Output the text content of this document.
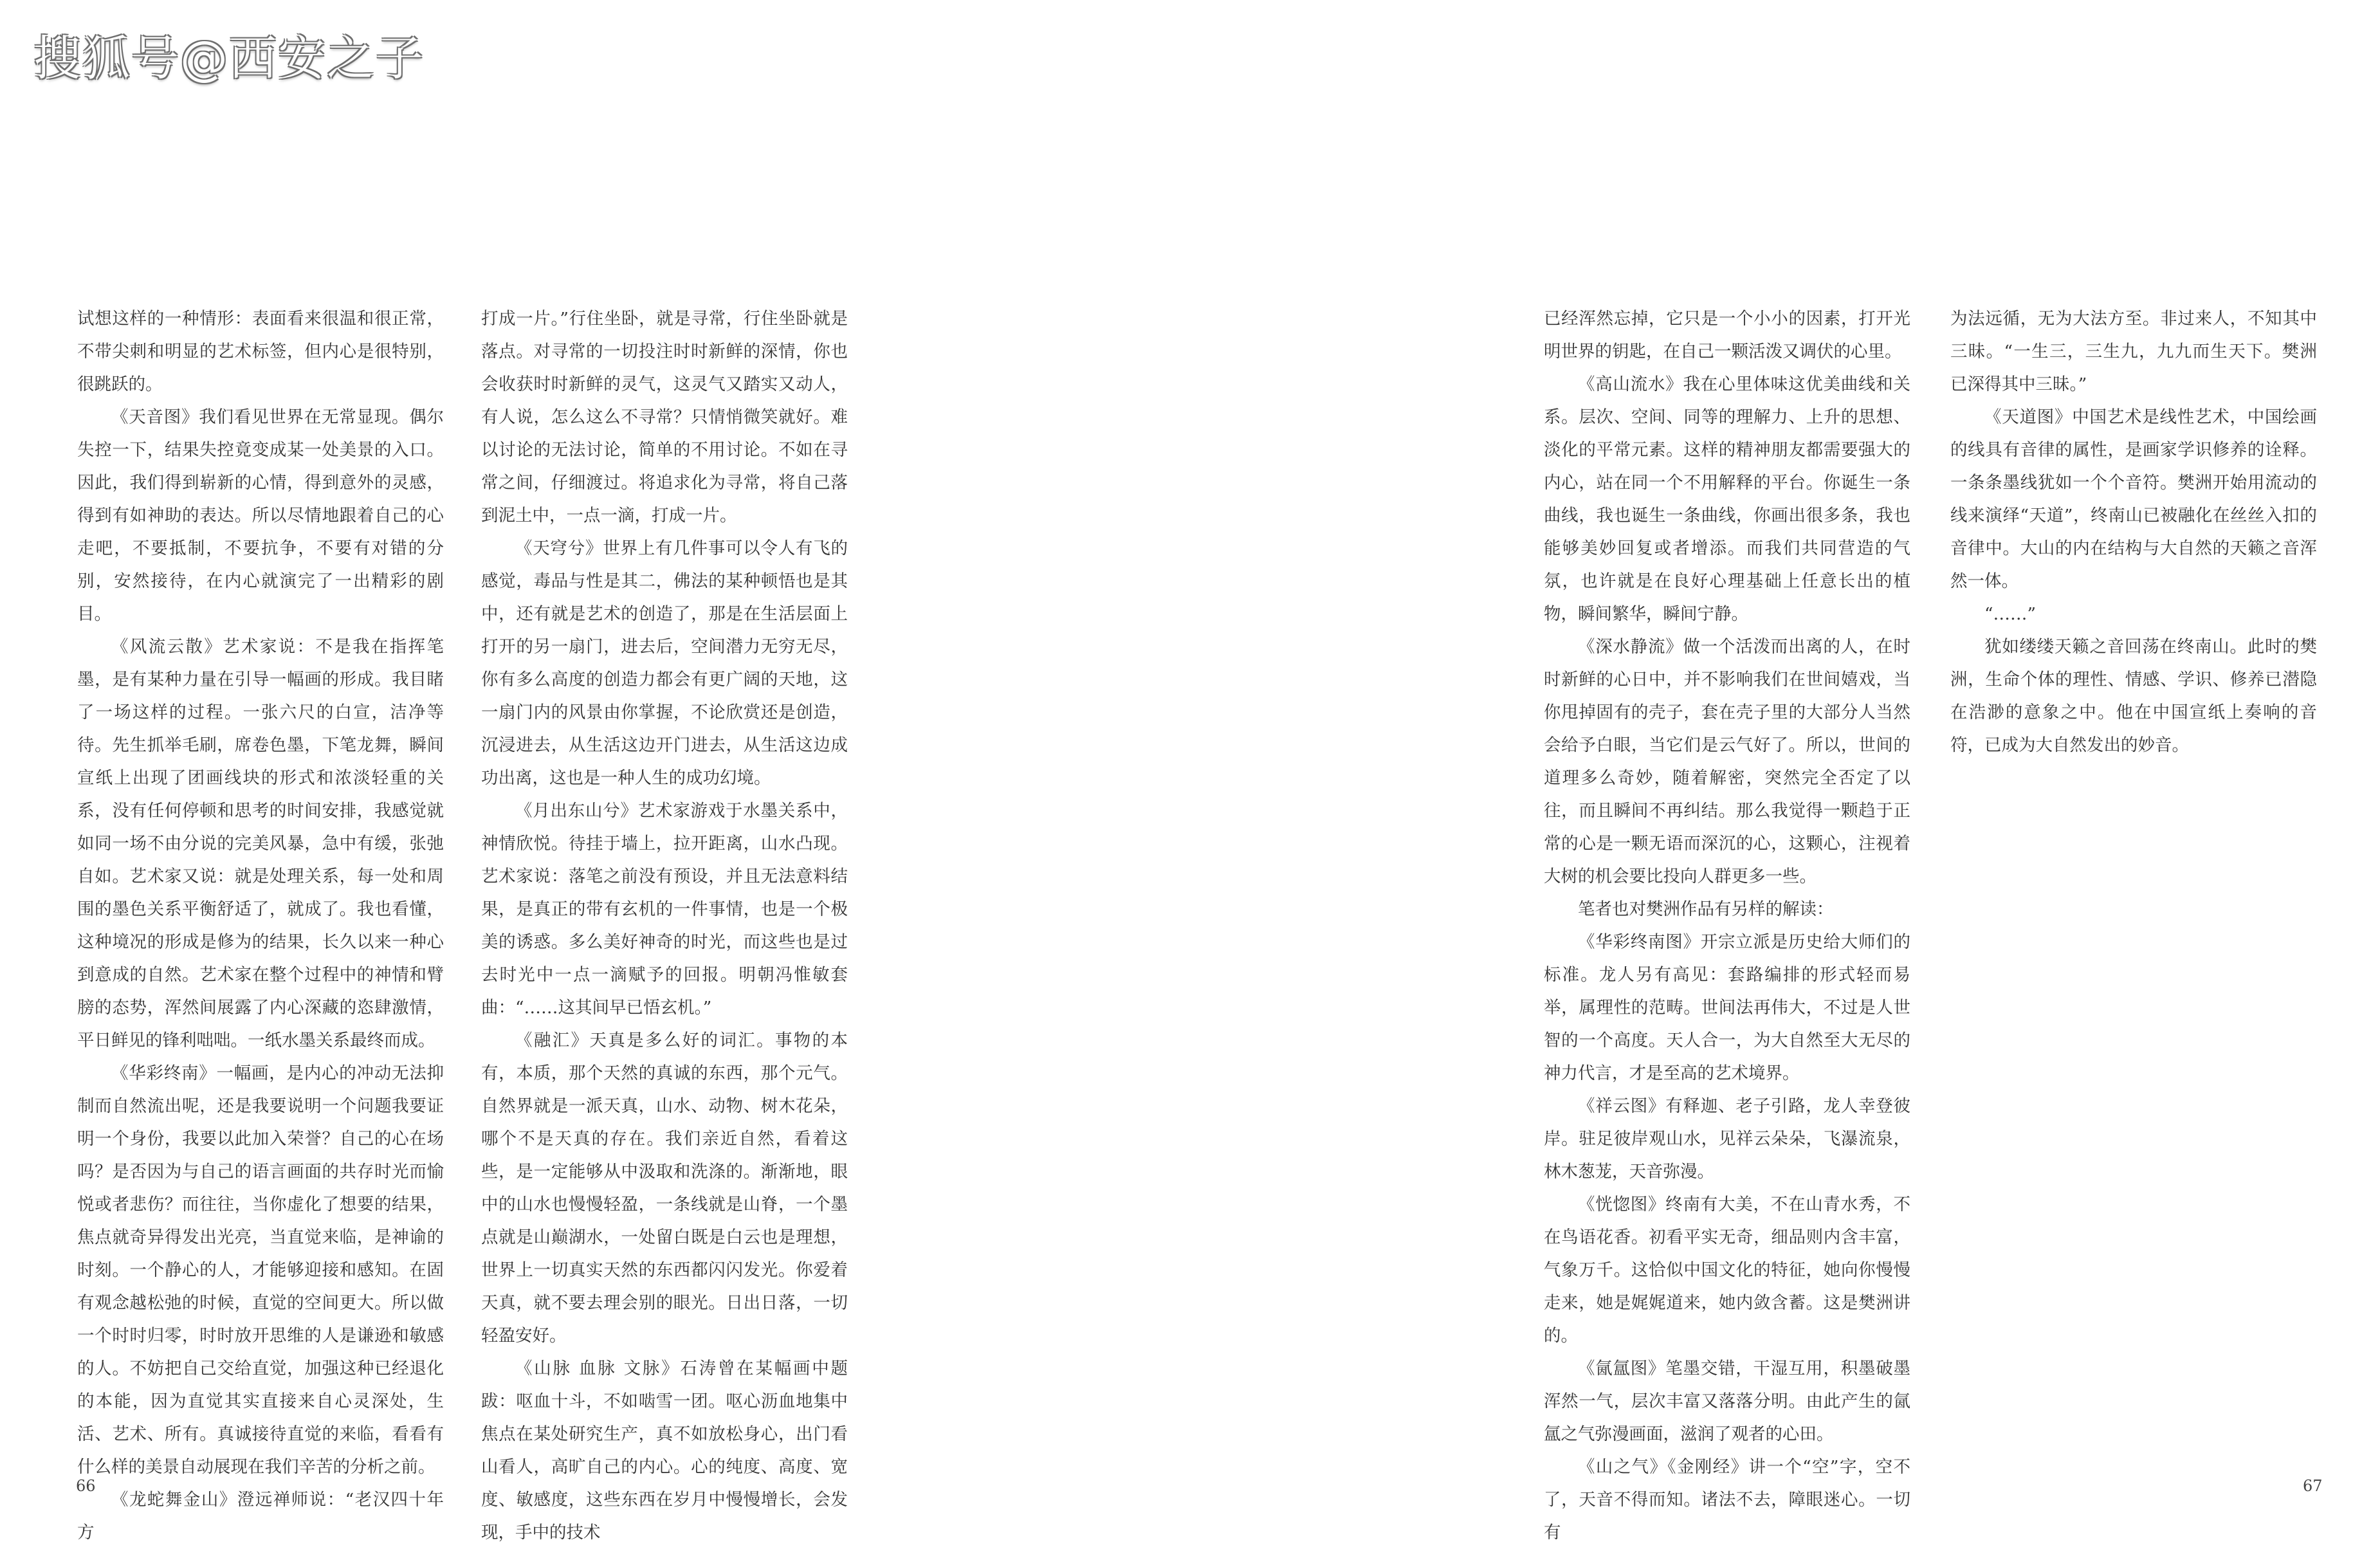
搜狐号@西安之子

试想这样的一种情形：表面看来很温和很正常，不带尖刺和明显的艺术标签，但内心是很特别，很跳跃的。

《天音图》我们看见世界在无常显现。偶尔失控一下，结果失控竟变成某一处美景的入口。因此，我们得到崭新的心情，得到意外的灵感，得到有如神助的表达。所以尽情地跟着自己的心走吧，不要抵制，不要抗争，不要有对错的分别，安然接待，在内心就演完了一出精彩的剧目。

《风流云散》艺术家说：不是我在指挥笔墨，是有某种力量在引导一幅画的形成。我目睹了一场这样的过程。一张六尺的白宣，洁净等待。先生抓举毛刷，席卷色墨，下笔龙舞，瞬间宣纸上出现了团画线块的形式和浓淡轻重的关系，没有任何停顿和思考的时间安排，我感觉就如同一场不由分说的完美风暴，急中有缓，张弛自如。艺术家又说：就是处理关系，每一处和周围的墨色关系平衡舒适了，就成了。我也看懂，这种境况的形成是修为的结果，长久以来一种心到意成的自然。艺术家在整个过程中的神情和臂膀的态势，浑然间展露了内心深藏的恣肆激情，平日鲜见的锋利咄咄。一纸水墨关系最终而成。

《华彩终南》一幅画，是内心的冲动无法抑制而自然流出呢，还是我要说明一个问题我要证明一个身份，我要以此加入荣誉？自己的心在场吗？是否因为与自己的语言画面的共存时光而愉悦或者悲伤？而往往，当你虚化了想要的结果，焦点就奇异得发出光亮，当直觉来临，是神谕的时刻。一个静心的人，才能够迎接和感知。在固有观念越松弛的时候，直觉的空间更大。所以做一个时时归零，时时放开思维的人是谦逊和敏感的人。不妨把自己交给直觉，加强这种已经退化的本能，因为直觉其实直接来自心灵深处，生活、艺术、所有。真诚接待直觉的来临，看看有什么样的美景自动展现在我们辛苦的分析之前。

《龙蛇舞金山》澄远禅师说：“老汉四十年方

打成一片。”行住坐卧，就是寻常，行住坐卧就是落点。对寻常的一切投注时时新鲜的深情，你也会收获时时新鲜的灵气，这灵气又踏实又动人，有人说，怎么这么不寻常？只情悄微笑就好。难以讨论的无法讨论，简单的不用讨论。不如在寻常之间，仔细渡过。将追求化为寻常，将自己落到泥土中，一点一滴，打成一片。

《天穹兮》世界上有几件事可以令人有飞的感觉，毒品与性是其二，佛法的某种顿悟也是其中，还有就是艺术的创造了，那是在生活层面上打开的另一扇门，进去后，空间潜力无穷无尽，你有多么高度的创造力都会有更广阔的天地，这一扇门内的风景由你掌握，不论欣赏还是创造，沉浸进去，从生活这边开门进去，从生活这边成功出离，这也是一种人生的成功幻境。

《月出东山兮》艺术家游戏于水墨关系中，神情欣悦。待挂于墙上，拉开距离，山水凸现。艺术家说：落笔之前没有预设，并且无法意料结果，是真正的带有玄机的一件事情，也是一个极美的诱惑。多么美好神奇的时光，而这些也是过去时光中一点一滴赋予的回报。明朝冯惟敏套曲：“……这其间早已悟玄机。”

《融汇》天真是多么好的词汇。事物的本有，本质，那个天然的真诚的东西，那个元气。自然界就是一派天真，山水、动物、树木花朵，哪个不是天真的存在。我们亲近自然，看着这些，是一定能够从中汲取和洗涤的。渐渐地，眼中的山水也慢慢轻盈，一条线就是山脊，一个墨点就是山巅湖水，一处留白既是白云也是理想，世界上一切真实天然的东西都闪闪发光。你爱着天真，就不要去理会别的眼光。日出日落，一切轻盈安好。

《山脉 血脉 文脉》石涛曾在某幅画中题跋：呕血十斗，不如啮雪一团。呕心沥血地集中焦点在某处研究生产，真不如放松身心，出门看山看人，高旷自己的内心。心的纯度、高度、宽度、敏感度，这些东西在岁月中慢慢增长，会发现，手中的技术

已经浑然忘掉，它只是一个小小的因素，打开光明世界的钥匙，在自己一颗活泼又调伏的心里。

《高山流水》我在心里体味这优美曲线和关系。层次、空间、同等的理解力、上升的思想、淡化的平常元素。这样的精神朋友都需要强大的内心，站在同一个不用解释的平台。你诞生一条曲线，我也诞生一条曲线，你画出很多条，我也能够美妙回复或者增添。而我们共同营造的气氛，也许就是在良好心理基础上任意长出的植物，瞬间繁华，瞬间宁静。

《深水静流》做一个活泼而出离的人，在时时新鲜的心日中，并不影响我们在世间嬉戏，当你甩掉固有的壳子，套在壳子里的大部分人当然会给予白眼，当它们是云气好了。所以，世间的道理多么奇妙，随着解密，突然完全否定了以往，而且瞬间不再纠结。那么我觉得一颗趋于正常的心是一颗无语而深沉的心，这颗心，注视着大树的机会要比投向人群更多一些。

笔者也对樊洲作品有另样的解读：

《华彩终南图》开宗立派是历史给大师们的标准。龙人另有高见：套路编排的形式轻而易举，属理性的范畴。世间法再伟大，不过是人世智的一个高度。天人合一，为大自然至大无尽的神力代言，才是至高的艺术境界。

《祥云图》有释迦、老子引路，龙人幸登彼岸。驻足彼岸观山水，见祥云朵朵，飞瀑流泉，林木葱茏，天音弥漫。

《恍惚图》终南有大美，不在山青水秀，不在鸟语花香。初看平实无奇，细品则内含丰富，气象万千。这恰似中国文化的特征，她向你慢慢走来，她是娓娓道来，她内敛含蓄。这是樊洲讲的。

《氤氲图》笔墨交错，干湿互用，积墨破墨浑然一气，层次丰富又落落分明。由此产生的氤氲之气弥漫画面，滋润了观者的心田。

《山之气》《金刚经》讲一个“空”字，空不了，天音不得而知。诸法不去，障眼迷心。一切有

为法远循，无为大法方至。非过来人，不知其中三昧。“一生三，三生九，九九而生天下。樊洲已深得其中三昧。”

《天道图》中国艺术是线性艺术，中国绘画的线具有音律的属性，是画家学识修养的诠释。一条条墨线犹如一个个音符。樊洲开始用流动的线来演绎“天道”，终南山已被融化在丝丝入扣的音律中。大山的内在结构与大自然的天籁之音浑然一体。

“……”

犹如缕缕天籁之音回荡在终南山。此时的樊洲，生命个体的理性、情感、学识、修养已潜隐在浩渺的意象之中。他在中国宣纸上奏响的音符，已成为大自然发出的妙音。

66	67
